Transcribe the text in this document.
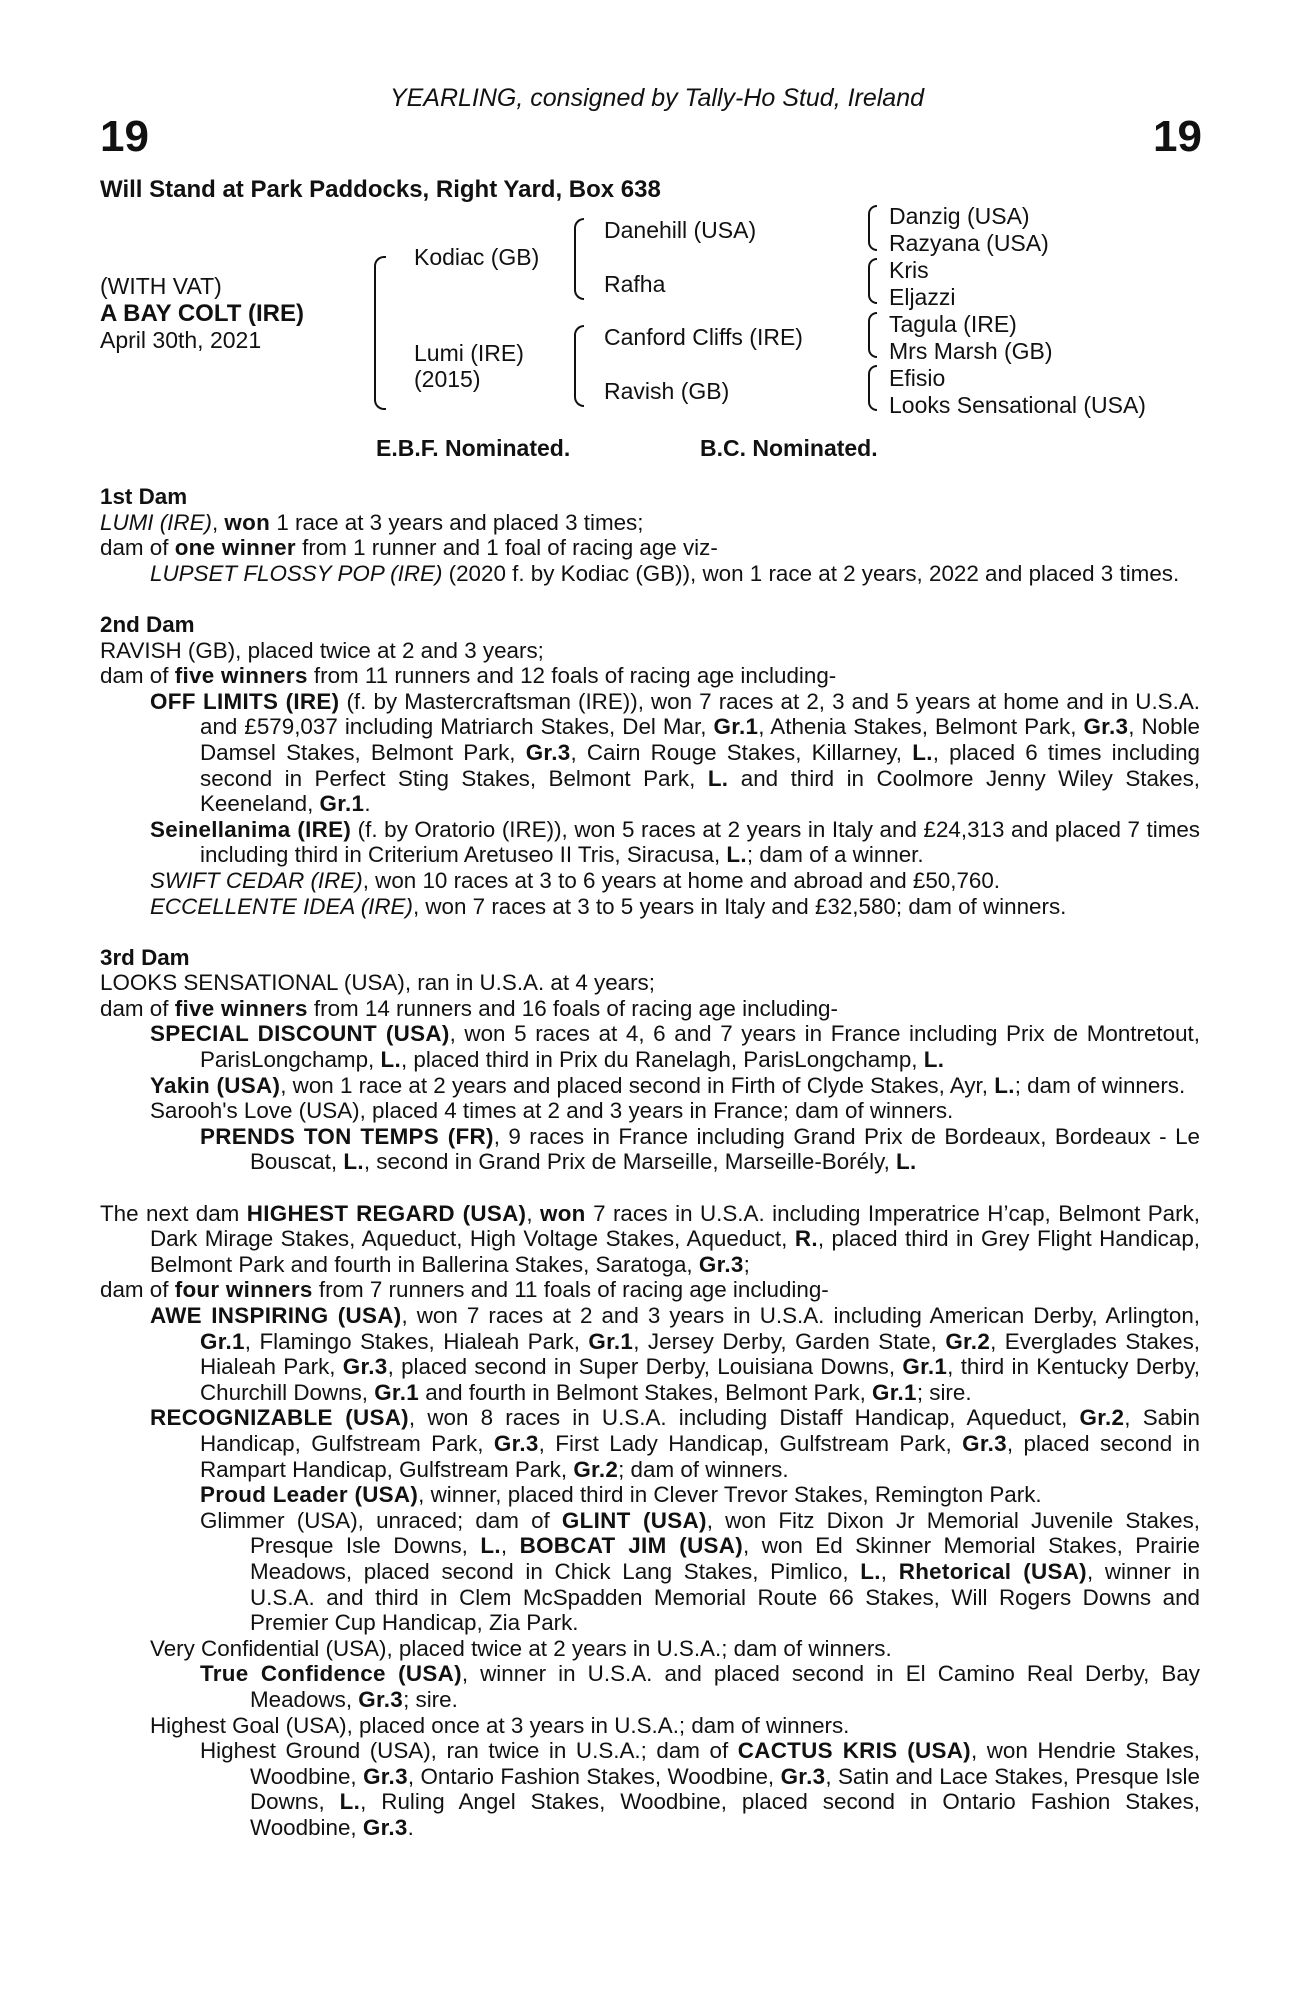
YEARLING, consigned by Tally-Ho Stud, Ireland
19	19
Will Stand at Park Paddocks, Right Yard, Box 638
(WITH VAT)
A BAY COLT (IRE)
April 30th, 2021
Kodiac (GB)
Lumi (IRE)
(2015)
Danehill (USA)
Rafha
Canford Cliffs (IRE)
Ravish (GB)
Danzig (USA)
Razyana (USA)
Kris
Eljazzi
Tagula (IRE)
Mrs Marsh (GB)
Efisio
Looks Sensational (USA)
E.B.F. Nominated.	B.C. Nominated.
1st Dam

LUMI (IRE), won 1 race at 3 years and placed 3 times;

dam of one winner from 1 runner and 1 foal of racing age viz-

LUPSET FLOSSY POP (IRE) (2020 f. by Kodiac (GB)), won 1 race at 2 years, 2022 and placed 3 times.

2nd Dam

RAVISH (GB), placed twice at 2 and 3 years;

dam of five winners from 11 runners and 12 foals of racing age including-

OFF LIMITS (IRE) (f. by Mastercraftsman (IRE)), won 7 races at 2, 3 and 5 years at home and in U.S.A. and £579,037 including Matriarch Stakes, Del Mar, Gr.1, Athenia Stakes, Belmont Park, Gr.3, Noble Damsel Stakes, Belmont Park, Gr.3, Cairn Rouge Stakes, Killarney, L., placed 6 times including second in Perfect Sting Stakes, Belmont Park, L. and third in Coolmore Jenny Wiley Stakes, Keeneland, Gr.1.

Seinellanima (IRE) (f. by Oratorio (IRE)), won 5 races at 2 years in Italy and £24,313 and placed 7 times including third in Criterium Aretuseo II Tris, Siracusa, L.; dam of a winner.

SWIFT CEDAR (IRE), won 10 races at 3 to 6 years at home and abroad and £50,760.

ECCELLENTE IDEA (IRE), won 7 races at 3 to 5 years in Italy and £32,580; dam of winners.

3rd Dam

LOOKS SENSATIONAL (USA), ran in U.S.A. at 4 years;

dam of five winners from 14 runners and 16 foals of racing age including-

SPECIAL DISCOUNT (USA), won 5 races at 4, 6 and 7 years in France including Prix de Montretout, ParisLongchamp, L., placed third in Prix du Ranelagh, ParisLongchamp, L.

Yakin (USA), won 1 race at 2 years and placed second in Firth of Clyde Stakes, Ayr, L.; dam of winners.

Sarooh's Love (USA), placed 4 times at 2 and 3 years in France; dam of winners.

PRENDS TON TEMPS (FR), 9 races in France including Grand Prix de Bordeaux, Bordeaux - Le Bouscat, L., second in Grand Prix de Marseille, Marseille-Borély, L.

The next dam HIGHEST REGARD (USA), won 7 races in U.S.A. including Imperatrice H’cap, Belmont Park, Dark Mirage Stakes, Aqueduct, High Voltage Stakes, Aqueduct, R., placed third in Grey Flight Handicap, Belmont Park and fourth in Ballerina Stakes, Saratoga, Gr.3;

dam of four winners from 7 runners and 11 foals of racing age including-

AWE INSPIRING (USA), won 7 races at 2 and 3 years in U.S.A. including American Derby, Arlington, Gr.1, Flamingo Stakes, Hialeah Park, Gr.1, Jersey Derby, Garden State, Gr.2, Everglades Stakes, Hialeah Park, Gr.3, placed second in Super Derby, Louisiana Downs, Gr.1, third in Kentucky Derby, Churchill Downs, Gr.1 and fourth in Belmont Stakes, Belmont Park, Gr.1; sire.

RECOGNIZABLE (USA), won 8 races in U.S.A. including Distaff Handicap, Aqueduct, Gr.2, Sabin Handicap, Gulfstream Park, Gr.3, First Lady Handicap, Gulfstream Park, Gr.3, placed second in Rampart Handicap, Gulfstream Park, Gr.2; dam of winners.

Proud Leader (USA), winner, placed third in Clever Trevor Stakes, Remington Park.

Glimmer (USA), unraced; dam of GLINT (USA), won Fitz Dixon Jr Memorial Juvenile Stakes, Presque Isle Downs, L., BOBCAT JIM (USA), won Ed Skinner Memorial Stakes, Prairie Meadows, placed second in Chick Lang Stakes, Pimlico, L., Rhetorical (USA), winner in U.S.A. and third in Clem McSpadden Memorial Route 66 Stakes, Will Rogers Downs and Premier Cup Handicap, Zia Park.

Very Confidential (USA), placed twice at 2 years in U.S.A.; dam of winners.

True Confidence (USA), winner in U.S.A. and placed second in El Camino Real Derby, Bay Meadows, Gr.3; sire.

Highest Goal (USA), placed once at 3 years in U.S.A.; dam of winners.

Highest Ground (USA), ran twice in U.S.A.; dam of CACTUS KRIS (USA), won Hendrie Stakes, Woodbine, Gr.3, Ontario Fashion Stakes, Woodbine, Gr.3, Satin and Lace Stakes, Presque Isle Downs, L., Ruling Angel Stakes, Woodbine, placed second in Ontario Fashion Stakes, Woodbine, Gr.3.
